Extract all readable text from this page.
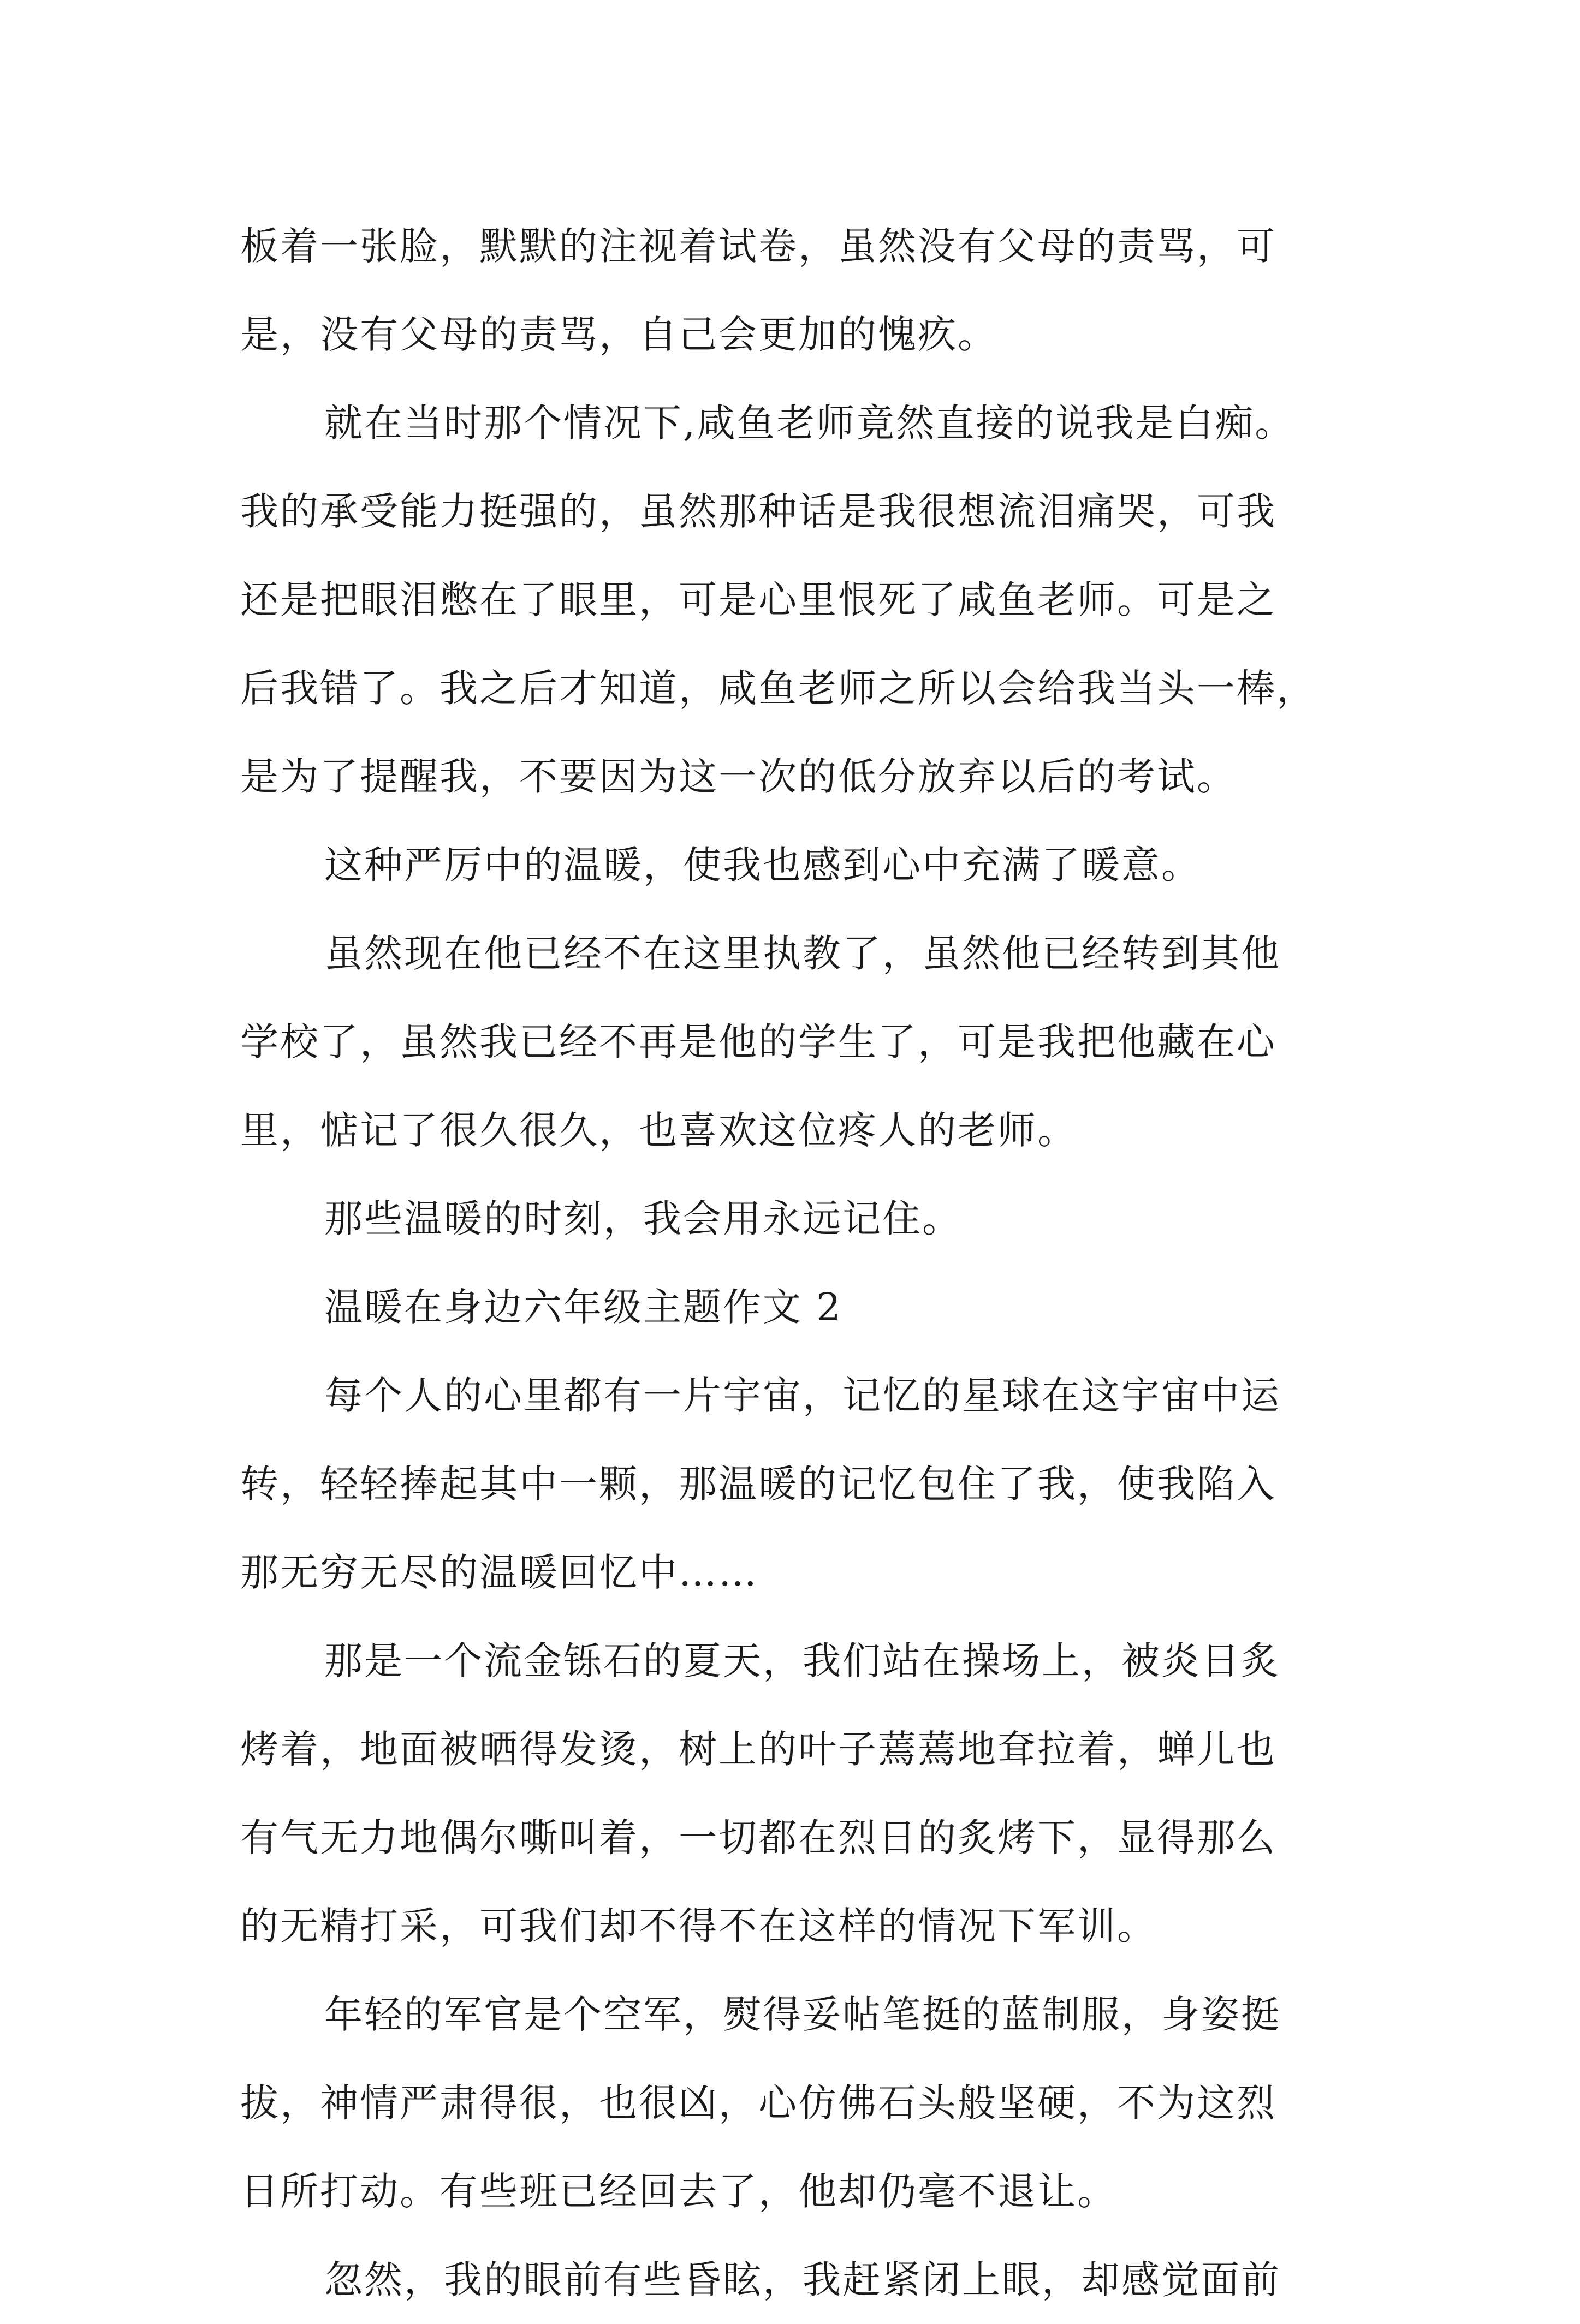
板着一张脸，默默的注视着试卷，虽然没有父母的责骂，可
是，没有父母的责骂，自己会更加的愧疚。
就在当时那个情况下,咸鱼老师竟然直接的说我是白痴。
我的承受能力挺强的，虽然那种话是我很想流泪痛哭，可我
还是把眼泪憋在了眼里，可是心里恨死了咸鱼老师。可是之
后我错了。我之后才知道，咸鱼老师之所以会给我当头一棒，
是为了提醒我，不要因为这一次的低分放弃以后的考试。
这种严厉中的温暖，使我也感到心中充满了暖意。
虽然现在他已经不在这里执教了，虽然他已经转到其他
学校了，虽然我已经不再是他的学生了，可是我把他藏在心
里，惦记了很久很久，也喜欢这位疼人的老师。
那些温暖的时刻，我会用永远记住。
温暖在身边六年级主题作文 2
每个人的心里都有一片宇宙，记忆的星球在这宇宙中运
转，轻轻捧起其中一颗，那温暖的记忆包住了我，使我陷入
那无穷无尽的温暖回忆中……
那是一个流金铄石的夏天，我们站在操场上，被炎日炙
烤着，地面被晒得发烫，树上的叶子蔫蔫地耷拉着，蝉儿也
有气无力地偶尔嘶叫着，一切都在烈日的炙烤下，显得那么
的无精打采，可我们却不得不在这样的情况下军训。
年轻的军官是个空军，熨得妥帖笔挺的蓝制服，身姿挺
拔，神情严肃得很，也很凶，心仿佛石头般坚硬，不为这烈
日所打动。有些班已经回去了，他却仍毫不退让。
忽然，我的眼前有些昏眩，我赶紧闭上眼，却感觉面前
